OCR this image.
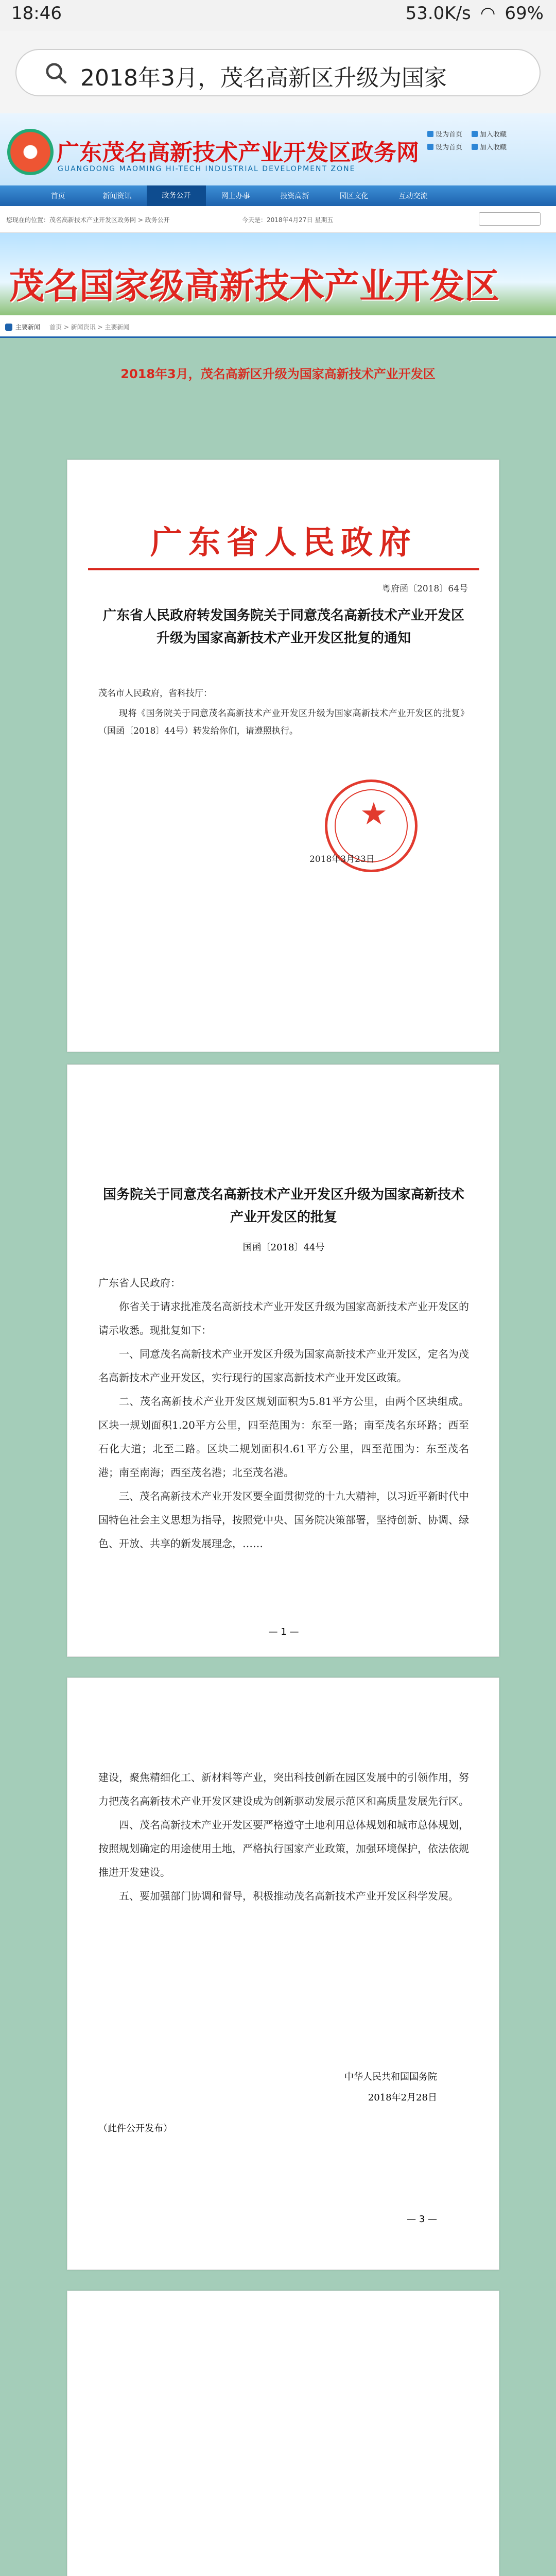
18:46	53.0K/s ◠ 69%
2018年3月，茂名高新区升级为国家
广东茂名高新技术产业开发区政务网
GUANGDONG MAOMING HI-TECH INDUSTRIAL DEVELOPMENT ZONE
设为首页	加入收藏
设为首页	加入收藏
首页	新闻资讯	政务公开	网上办事	投资高新	园区文化	互动交流
您现在的位置：茂名高新技术产业开发区政务网 > 政务公开	今天是：2018年4月27日 星期五
茂名国家级高新技术产业开发区
主要新闻 首页 > 新闻资讯 > 主要新闻
2018年3月，茂名高新区升级为国家高新技术产业开发区
广东省人民政府
粤府函〔2018〕64号
广东省人民政府转发国务院关于同意茂名高新技术产业开发区升级为国家高新技术产业开发区批复的通知
茂名市人民政府，省科技厅：
现将《国务院关于同意茂名高新技术产业开发区升级为国家高新技术产业开发区的批复》（国函〔2018〕44号）转发给你们，请遵照执行。
★
2018年3月23日
国务院关于同意茂名高新技术产业开发区升级为国家高新技术产业开发区的批复
国函〔2018〕44号
广东省人民政府：
你省关于请求批准茂名高新技术产业开发区升级为国家高新技术产业开发区的请示收悉。现批复如下：
一、同意茂名高新技术产业开发区升级为国家高新技术产业开发区，定名为茂名高新技术产业开发区，实行现行的国家高新技术产业开发区政策。
二、茂名高新技术产业开发区规划面积为5.81平方公里，由两个区块组成。区块一规划面积1.20平方公里，四至范围为：东至一路；南至茂名东环路；西至石化大道；北至二路。区块二规划面积4.61平方公里，四至范围为：东至茂名港；南至南海；西至茂名港；北至茂名港。
三、茂名高新技术产业开发区要全面贯彻党的十九大精神，以习近平新时代中国特色社会主义思想为指导，按照党中央、国务院决策部署，坚持创新、协调、绿色、开放、共享的新发展理念，……
— 1 —
建设，聚焦精细化工、新材料等产业，突出科技创新在园区发展中的引领作用，努力把茂名高新技术产业开发区建设成为创新驱动发展示范区和高质量发展先行区。
四、茂名高新技术产业开发区要严格遵守土地利用总体规划和城市总体规划，按照规划确定的用途使用土地，严格执行国家产业政策，加强环境保护，依法依规推进开发建设。
五、要加强部门协调和督导，积极推动茂名高新技术产业开发区科学发展。
中华人民共和国国务院
2018年2月28日
（此件公开发布）
— 3 —
